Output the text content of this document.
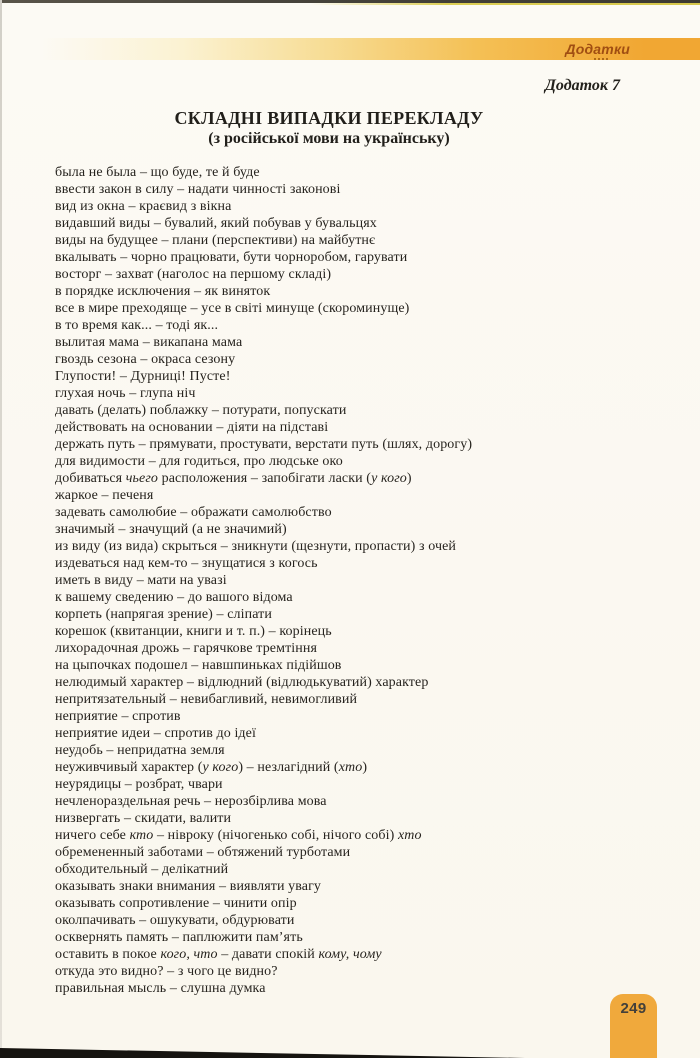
Додатки
Додаток 7
СКЛАДНІ ВИПАДКИ ПЕРЕКЛАДУ
(з російської мови на українську)
была не была – що буде, те й буде
ввести закон в силу – надати чинності законові
вид из окна – краєвид з вікна
видавший виды – бувалий, який побував у бувальцях
виды на будущее – плани (перспективи) на майбутнє
вкалывать – чорно працювати, бути чорноробом, гарувати
восторг – захват (наголос на першому складі)
в порядке исключения – як виняток
все в мире преходяще – усе в світі минуще (скороминуще)
в то время как... – тоді як...
вылитая мама – викапана мама
гвоздь сезона – окраса сезону
Глупости! – Дурниці! Пусте!
глухая ночь – глупа ніч
давать (делать) поблажку – потурати, попускати
действовать на основании – діяти на підставі
держать путь – прямувати, простувати, верстати путь (шлях, дорогу)
для видимости – для годиться, про людське око
добиваться чьего расположения – запобігати ласки (у кого)
жаркое – печеня
задевать самолюбие – ображати самолюбство
значимый – значущий (а не значимий)
из виду (из вида) скрыться – зникнути (щезнути, пропасти) з очей
издеваться над кем-то – знущатися з когось
иметь в виду – мати на увазі
к вашему сведению – до вашого відома
корпеть (напрягая зрение) – сліпати
корешок (квитанции, книги и т. п.) – корінець
лихорадочная дрожь – гарячкове тремтіння
на цыпочках подошел – навшпиньках підійшов
нелюдимый характер – відлюдний (відлюдькуватий) характер
непритязательный – невибагливий, невимогливий
неприятие – спротив
неприятие идеи – спротив до ідеї
неудобь – непридатна земля
неуживчивый характер (у кого) – незлагідний (хто)
неурядицы – розбрат, чвари
нечленораздельная речь – нерозбірлива мова
низвергать – скидати, валити
ничего себе кто – нівроку (нічогенько собі, нічого собі) хто
обремененный заботами – обтяжений турботами
обходительный – делікатний
оказывать знаки внимания – виявляти увагу
оказывать сопротивление – чинити опір
околпачивать – ошукувати, обдурювати
осквернять память – паплюжити пам’ять
оставить в покое кого, что – давати спокій кому, чому
откуда это видно? – з чого це видно?
правильная мысль – слушна думка
249
